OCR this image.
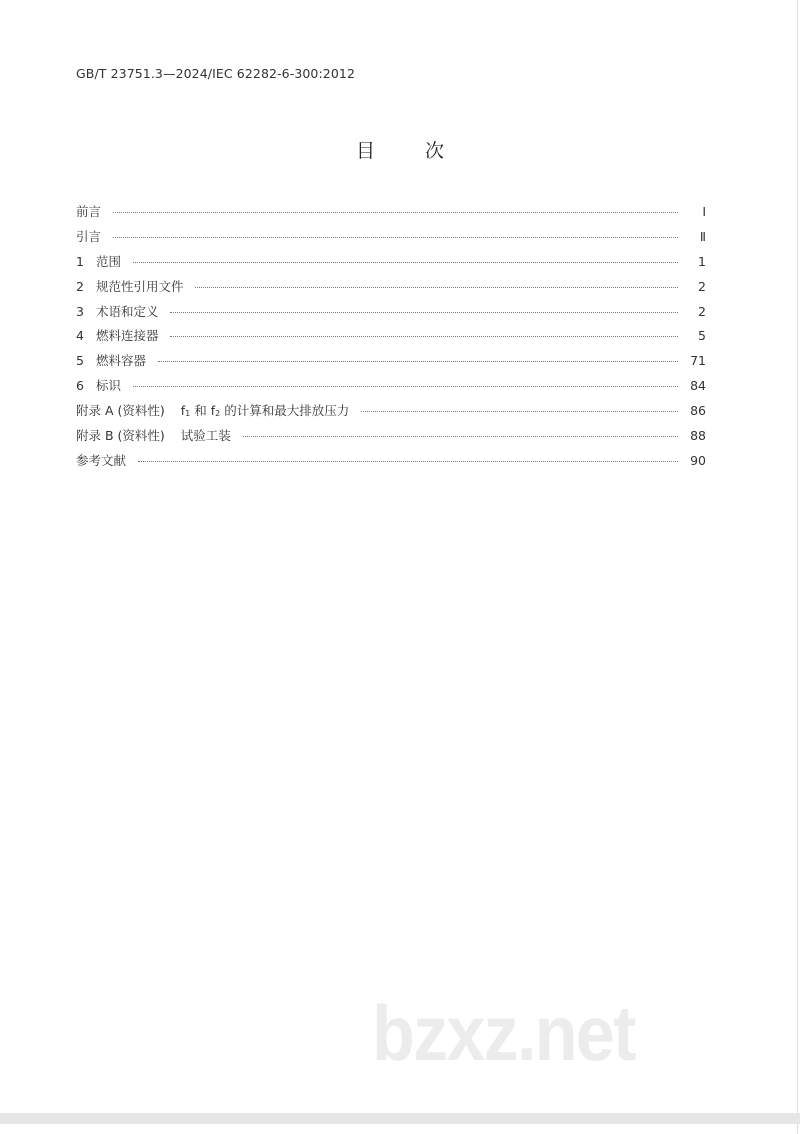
GB/T 23751.3—2024/IEC 62282-6-300:2012
目	次
前言	Ⅰ
引言	Ⅱ
1 范围	1
2 规范性引用文件	2
3 术语和定义	2
4 燃料连接器	5
5 燃料容器	71
6 标识	84
附录 A (资料性) $f_1$ 和 $f_2$ 的计算和最大排放压力	86
附录 B (资料性) 试验工装	88
参考文献	90
bzxz.net
